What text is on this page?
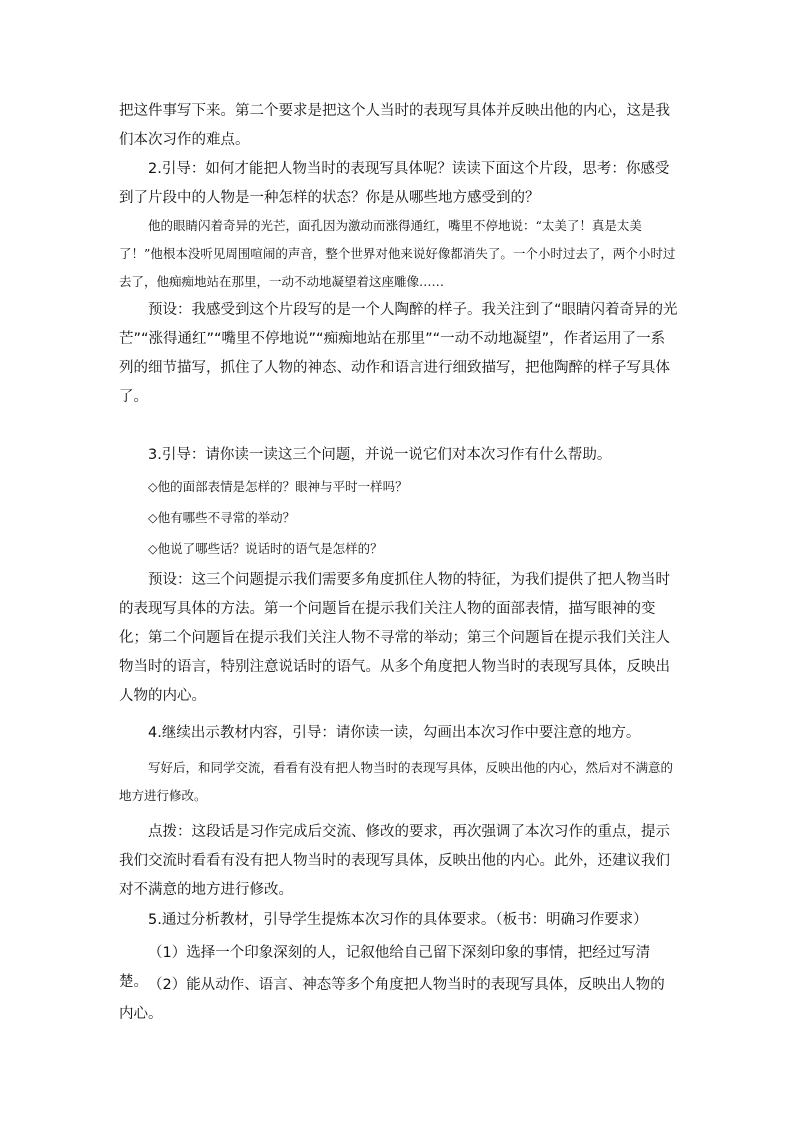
把这件事写下来。第二个要求是把这个人当时的表现写具体并反映出他的内心，这是我们本次习作的难点。

2.引导：如何才能把人物当时的表现写具体呢？读读下面这个片段，思考：你感受到了片段中的人物是一种怎样的状态？你是从哪些地方感受到的？

他的眼睛闪着奇异的光芒，面孔因为激动而涨得通红，嘴里不停地说：“太美了！真是太美了！”他根本没听见周围喧闹的声音，整个世界对他来说好像都消失了。一个小时过去了，两个小时过去了，他痴痴地站在那里，一动不动地凝望着这座雕像……

预设：我感受到这个片段写的是一个人陶醉的样子。我关注到了“眼睛闪着奇异的光芒”“涨得通红”“嘴里不停地说”“痴痴地站在那里”“一动不动地凝望”，作者运用了一系列的细节描写，抓住了人物的神态、动作和语言进行细致描写，把他陶醉的样子写具体了。

3.引导：请你读一读这三个问题，并说一说它们对本次习作有什么帮助。

◇他的面部表情是怎样的？眼神与平时一样吗？

◇他有哪些不寻常的举动？

◇他说了哪些话？说话时的语气是怎样的？

预设：这三个问题提示我们需要多角度抓住人物的特征，为我们提供了把人物当时的表现写具体的方法。第一个问题旨在提示我们关注人物的面部表情，描写眼神的变化；第二个问题旨在提示我们关注人物不寻常的举动；第三个问题旨在提示我们关注人物当时的语言，特别注意说话时的语气。从多个角度把人物当时的表现写具体，反映出人物的内心。

4.继续出示教材内容，引导：请你读一读，勾画出本次习作中要注意的地方。

写好后，和同学交流，看看有没有把人物当时的表现写具体，反映出他的内心，然后对不满意的地方进行修改。

点拨：这段话是习作完成后交流、修改的要求，再次强调了本次习作的重点，提示我们交流时看看有没有把人物当时的表现写具体，反映出他的内心。此外，还建议我们对不满意的地方进行修改。

5.通过分析教材，引导学生提炼本次习作的具体要求。（板书：明确习作要求）

（1）选择一个印象深刻的人，记叙他给自己留下深刻印象的事情，把经过写清楚。 （2）能从动作、语言、神态等多个角度把人物当时的表现写具体，反映出人物的内心。
